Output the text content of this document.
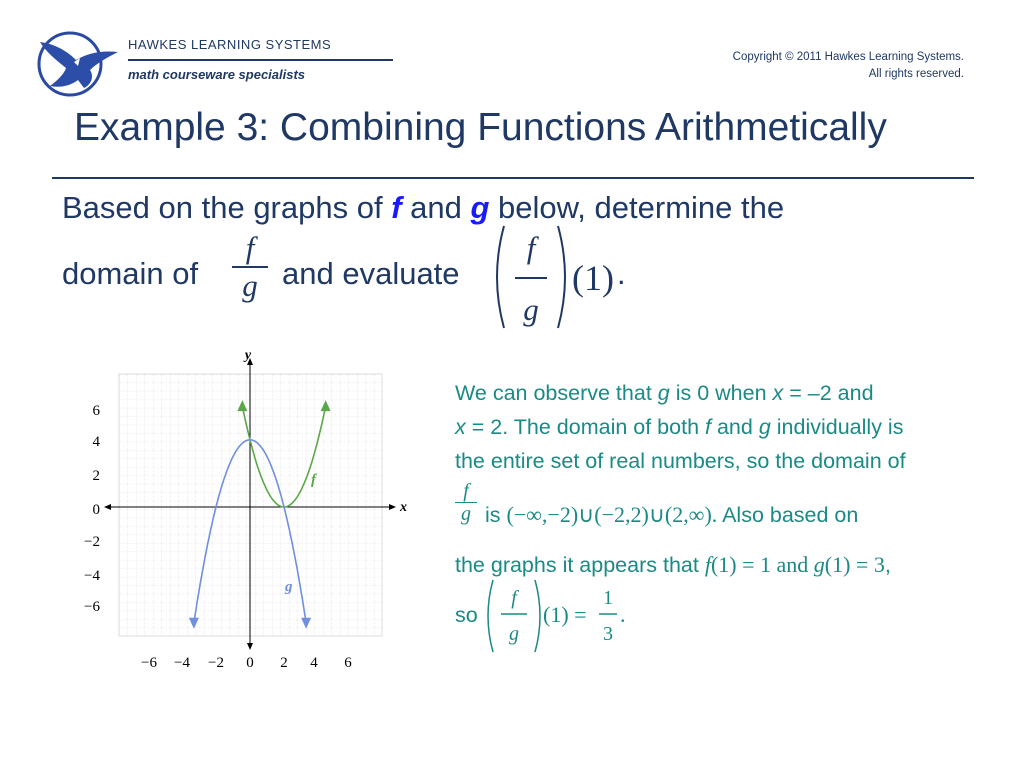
HAWKES LEARNING SYSTEMS
math courseware specialists
Copyright © 2011 Hawkes Learning Systems.
All rights reserved.
Example 3: Combining Functions Arithmetically
Based on the graphs of f and g below, determine the
domain of
f
g and evaluate
f
g
(1) .
y
x
6
4
2
0
−2
−4
−6
−6 −4 −2 0 2 4 6
f
g
We can observe that g is 0 when x = –2 and
x = 2. The domain of both f and g individually is
the entire set of real numbers, so the domain of
f
g is (−∞,−2)∪(−2,2)∪(2,∞). Also based on
the graphs it appears that f(1) = 1 and g(1) = 3,
so
f
g
(1) =
1
3
.
